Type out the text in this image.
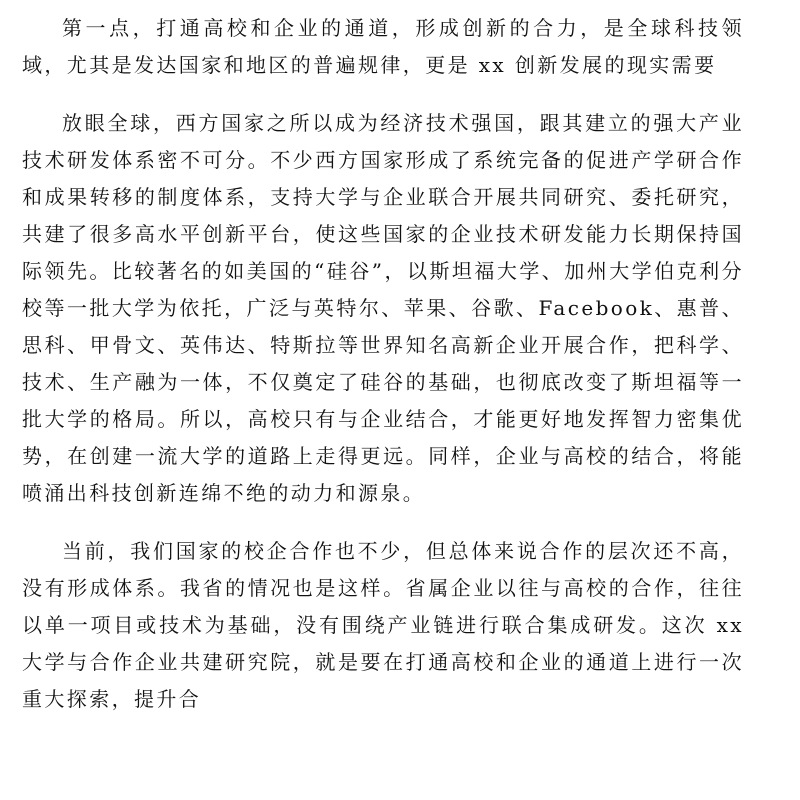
第一点，打通高校和企业的通道，形成创新的合力，是全球科技领域，尤其是发达国家和地区的普遍规律，更是 xx 创新发展的现实需要

放眼全球，西方国家之所以成为经济技术强国，跟其建立的强大产业技术研发体系密不可分。不少西方国家形成了系统完备的促进产学研合作和成果转移的制度体系，支持大学与企业联合开展共同研究、委托研究，共建了很多高水平创新平台，使这些国家的企业技术研发能力长期保持国际领先。比较著名的如美国的“硅谷”，以斯坦福大学、加州大学伯克利分校等一批大学为依托，广泛与英特尔、苹果、谷歌、Facebook、惠普、思科、甲骨文、英伟达、特斯拉等世界知名高新企业开展合作，把科学、技术、生产融为一体，不仅奠定了硅谷的基础，也彻底改变了斯坦福等一批大学的格局。所以，高校只有与企业结合，才能更好地发挥智力密集优势，在创建一流大学的道路上走得更远。同样，企业与高校的结合，将能喷涌出科技创新连绵不绝的动力和源泉。

当前，我们国家的校企合作也不少，但总体来说合作的层次还不高，没有形成体系。我省的情况也是这样。省属企业以往与高校的合作，往往以单一项目或技术为基础，没有围绕产业链进行联合集成研发。这次 xx 大学与合作企业共建研究院，就是要在打通高校和企业的通道上进行一次重大探索，提升合
